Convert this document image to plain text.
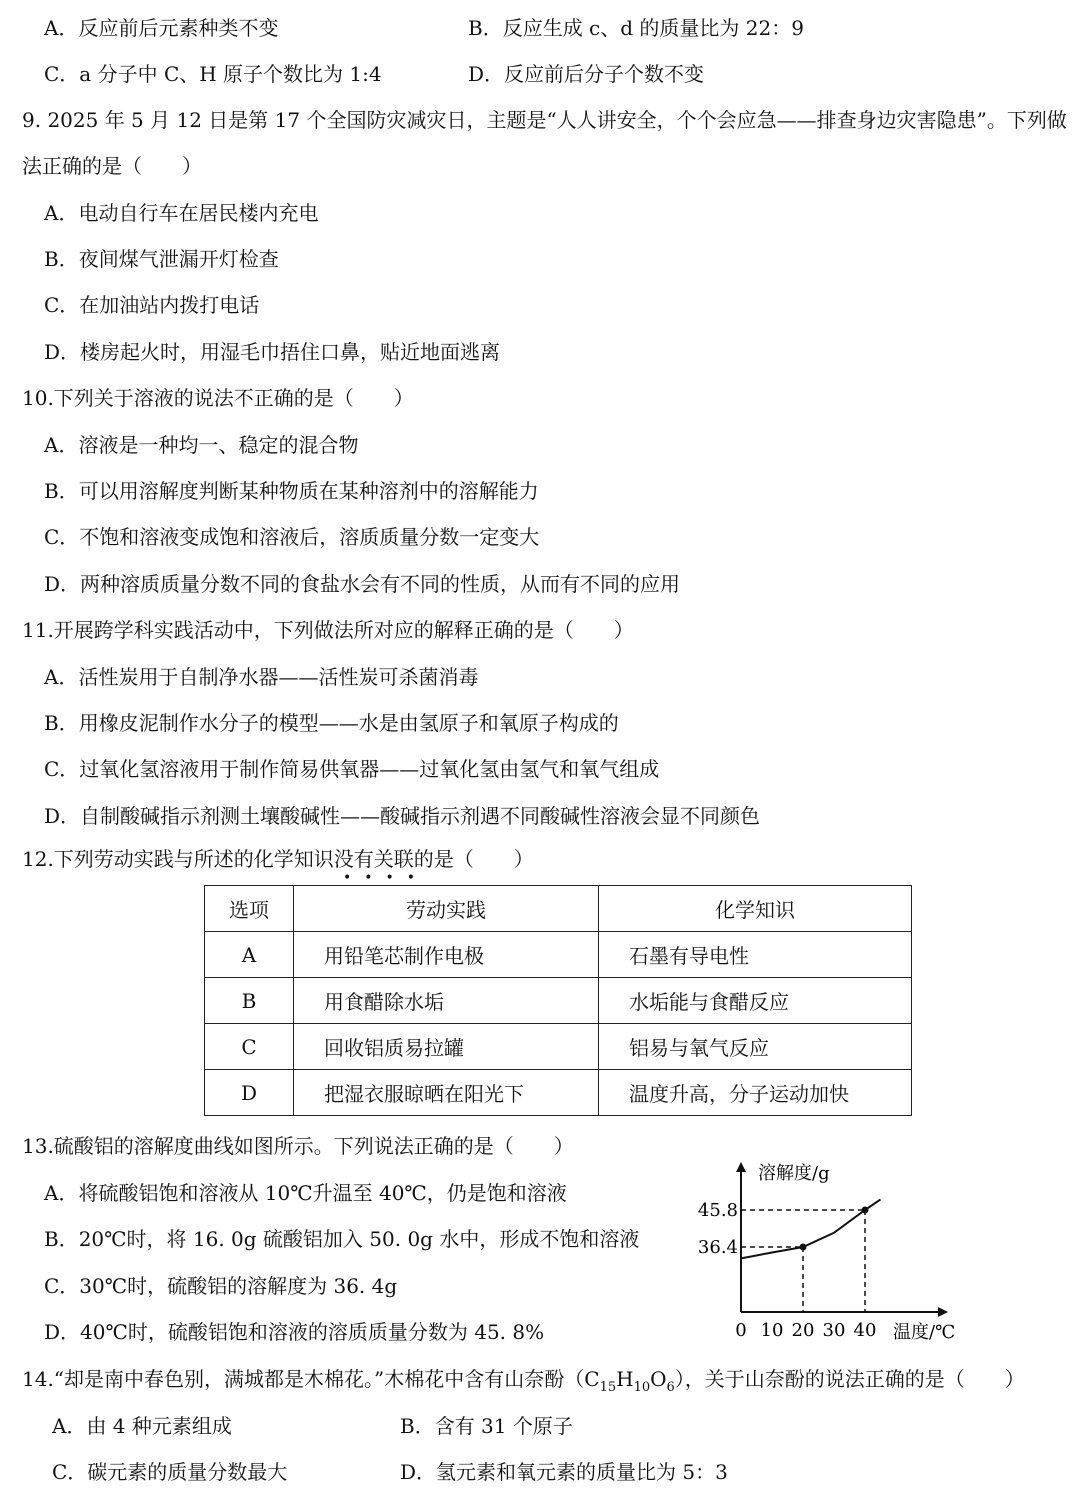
A．反应前后元素种类不变	B．反应生成 c、d 的质量比为 22：9
C．a 分子中 C、H 原子个数比为 1:4	D．反应前后分子个数不变
9. 2025 年 5 月 12 日是第 17 个全国防灾减灾日，主题是“人人讲安全，个个会应急——排查身边灾害隐患”。下列做
法正确的是（　　）
A．电动自行车在居民楼内充电
B．夜间煤气泄漏开灯检查
C．在加油站内拨打电话
D．楼房起火时，用湿毛巾捂住口鼻，贴近地面逃离
10.下列关于溶液的说法不正确的是（　　）
A．溶液是一种均一、稳定的混合物
B．可以用溶解度判断某种物质在某种溶剂中的溶解能力
C．不饱和溶液变成饱和溶液后，溶质质量分数一定变大
D．两种溶质质量分数不同的食盐水会有不同的性质，从而有不同的应用
11.开展跨学科实践活动中，下列做法所对应的解释正确的是（　　）
A．活性炭用于自制净水器——活性炭可杀菌消毒
B．用橡皮泥制作水分子的模型——水是由氢原子和氧原子构成的
C．过氧化氢溶液用于制作简易供氧器——过氧化氢由氢气和氧气组成
D．自制酸碱指示剂测土壤酸碱性——酸碱指示剂遇不同酸碱性溶液会显不同颜色
12.下列劳动实践与所述的化学知识没有关联的是（　　）
••••
选项	劳动实践	化学知识
A	用铅笔芯制作电极	石墨有导电性
B	用食醋除水垢	水垢能与食醋反应
C	回收铝质易拉罐	铝易与氧气反应
D	把湿衣服晾晒在阳光下	温度升高，分子运动加快
13.硫酸铝的溶解度曲线如图所示。下列说法正确的是（　　）
A．将硫酸铝饱和溶液从 10℃升温至 40℃，仍是饱和溶液
B．20℃时，将 16. 0g 硫酸铝加入 50. 0g 水中，形成不饱和溶液
C．30℃时，硫酸铝的溶解度为 36. 4g
D．40℃时，硫酸铝饱和溶液的溶质质量分数为 45. 8%
溶解度/g
温度/℃
0 10 20 30 40
36.4
45.8
14.“却是南中春色别，满城都是木棉花。”木棉花中含有山奈酚$(C_{15}H_{10}O_6)$，关于山奈酚的说法正确的是（　　）
A．由 4 种元素组成	B．含有 31 个原子
C．碳元素的质量分数最大	D．氢元素和氧元素的质量比为 5：3
